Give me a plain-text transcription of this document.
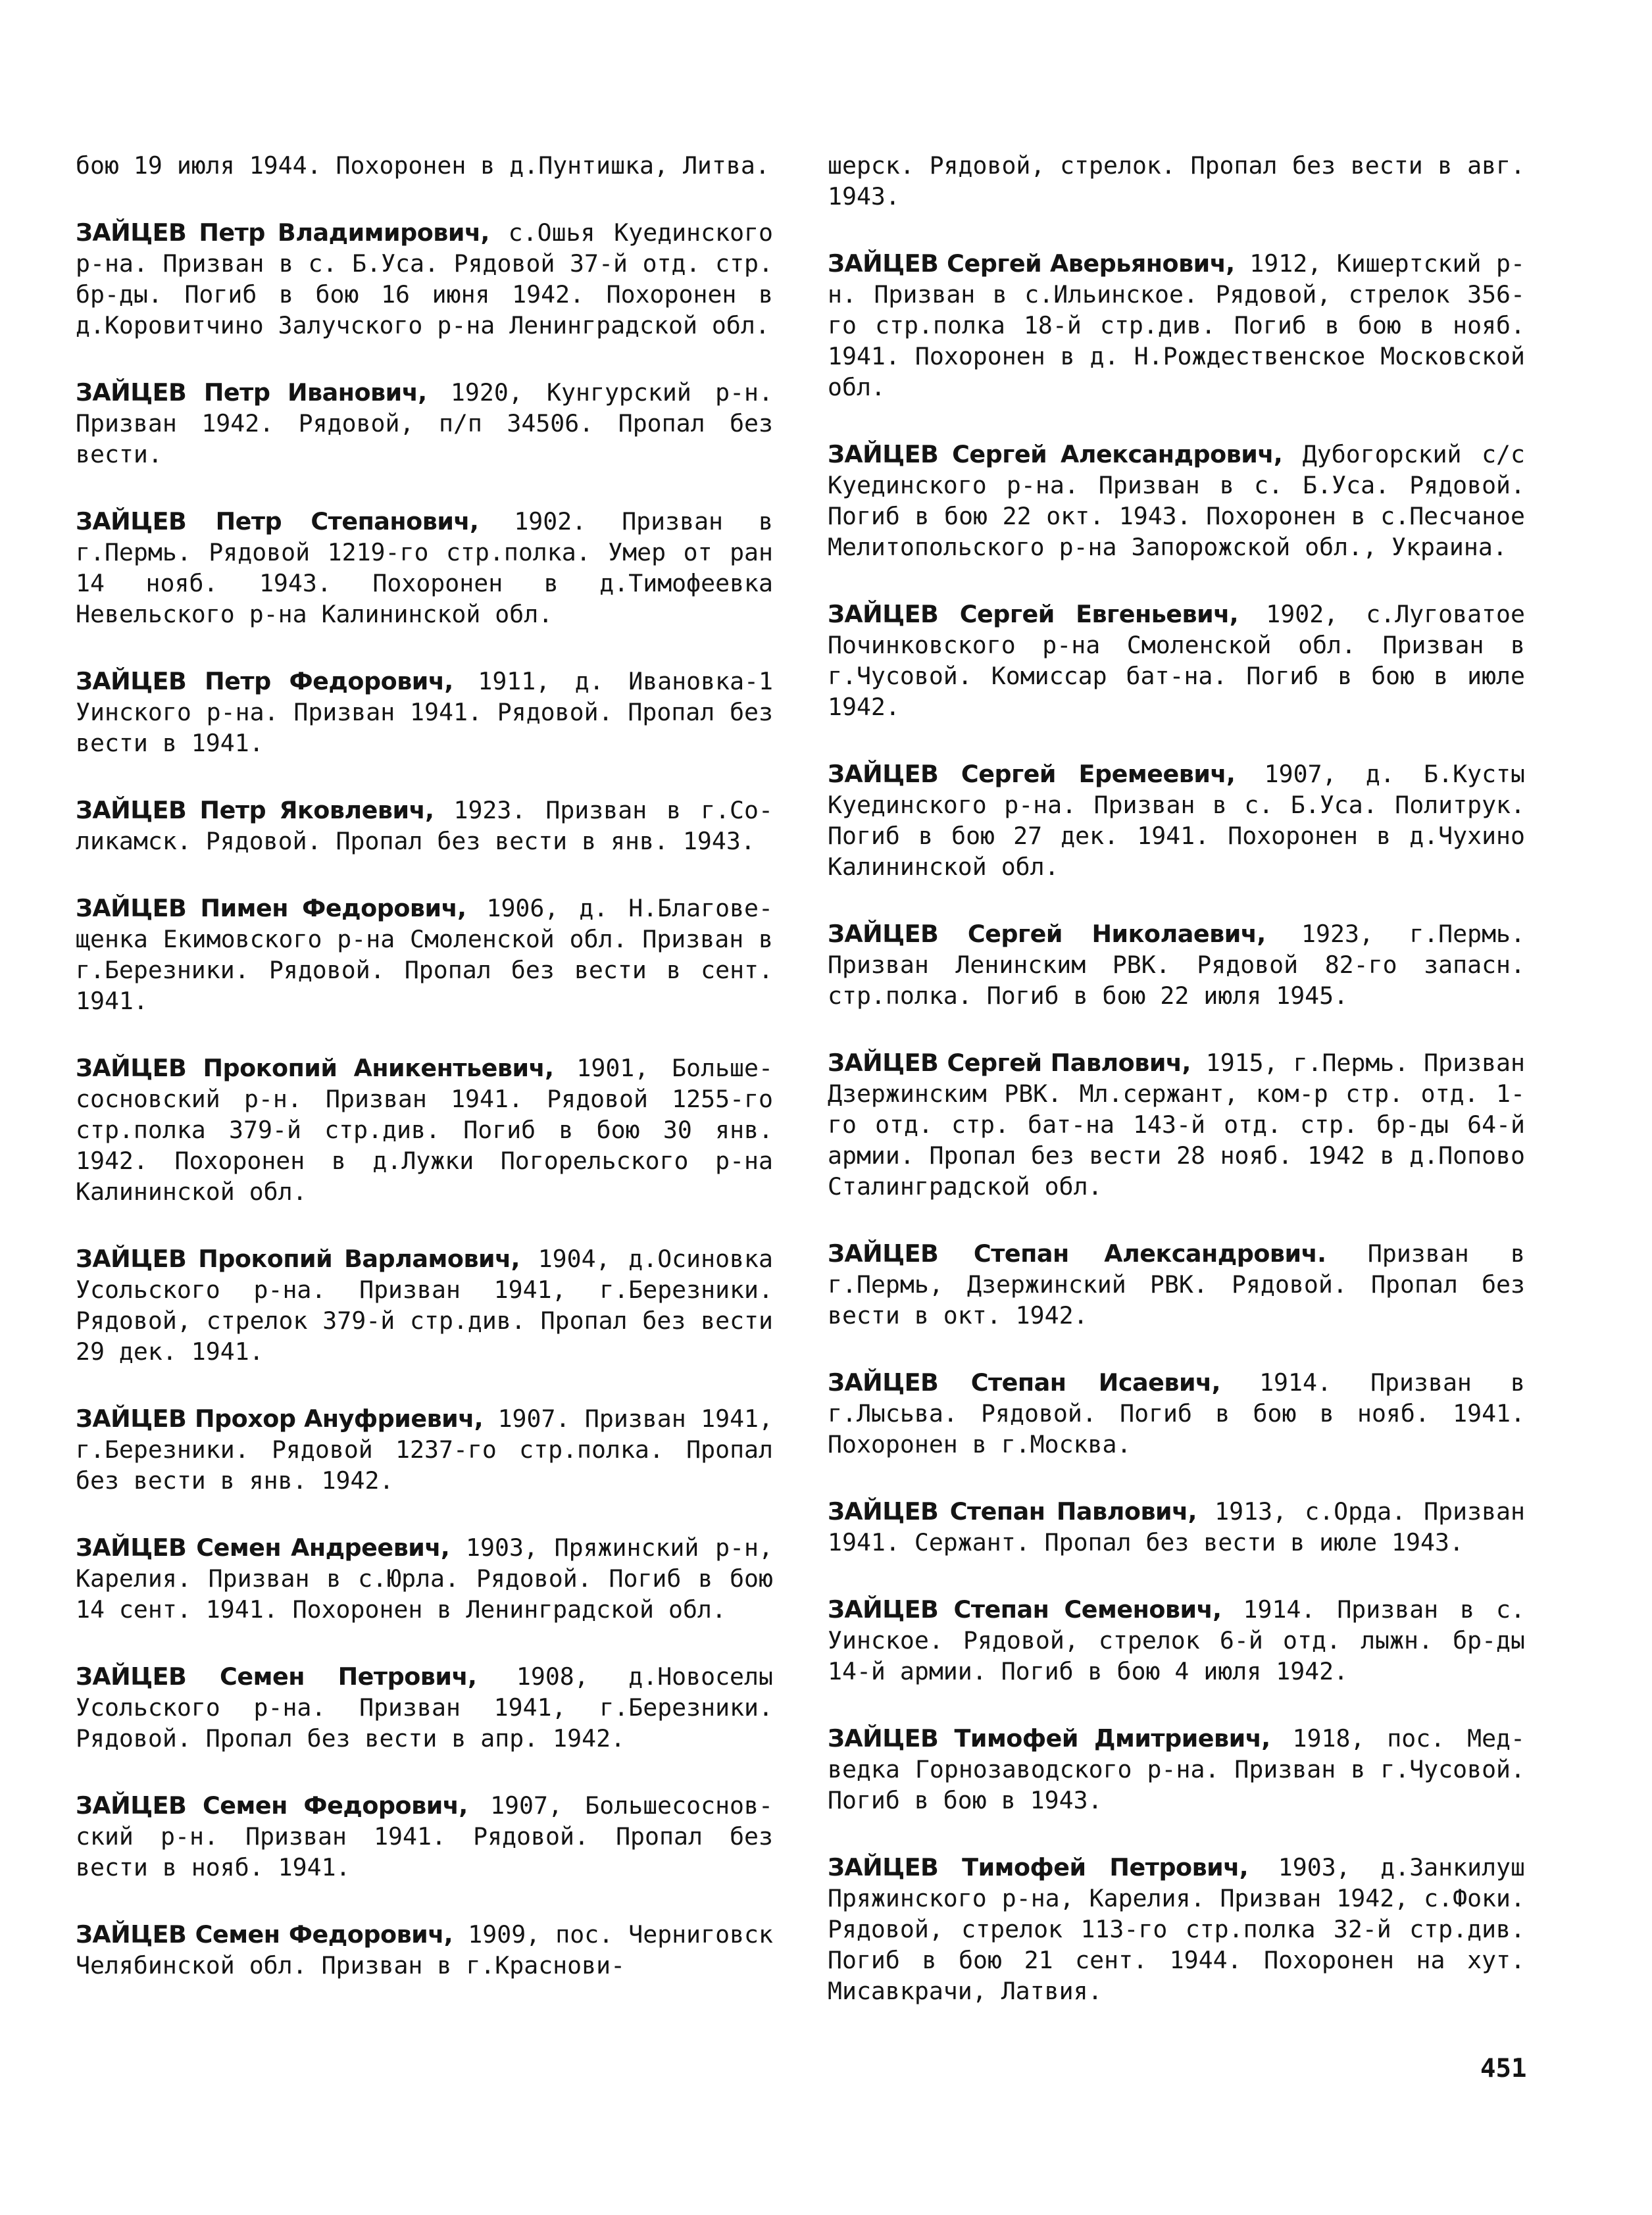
бою 19 июля 1944. Похоронен в д.Пунтишка, Литва.

ЗАЙЦЕВ Петр Владимирович, с.Ошья Куединского р-на. Призван в с. Б.Уса. Рядовой 37-й отд. стр. бр-ды. Погиб в бою 16 июня 1942. Похоронен в д.Коровитчино Залучского р-на Ленинградской обл.

ЗАЙЦЕВ Петр Иванович, 1920, Кунгурский р-н. Призван 1942. Рядовой, п/п 34506. Пропал без вести.

ЗАЙЦЕВ Петр Степанович, 1902. Призван в г.Пермь. Рядовой 1219-го стр.полка. Умер от ран 14 нояб. 1943. Похоронен в д.Тимофеевка Невельского р-на Калининской обл.

ЗАЙЦЕВ Петр Федорович, 1911, д. Ивановка-1 Уинского р-на. Призван 1941. Рядовой. Пропал без вести в 1941.

ЗАЙЦЕВ Петр Яковлевич, 1923. Призван в г.Соликамск. Рядовой. Пропал без вести в янв. 1943.

ЗАЙЦЕВ Пимен Федорович, 1906, д. Н.Благовещенка Екимовского р-на Смоленской обл. Призван в г.Березники. Рядовой. Пропал без вести в сент. 1941.

ЗАЙЦЕВ Прокопий Аникентьевич, 1901, Большесосновский р-н. Призван 1941. Рядовой 1255-го стр.полка 379-й стр.див. Погиб в бою 30 янв. 1942. Похоронен в д.Лужки Погорельского р-на Калининской обл.

ЗАЙЦЕВ Прокопий Варламович, 1904, д.Осиновка Усольского р-на. Призван 1941, г.Березники. Рядовой, стрелок 379-й стр.див. Пропал без вести 29 дек. 1941.

ЗАЙЦЕВ Прохор Ануфриевич, 1907. Призван 1941, г.Березники. Рядовой 1237-го стр.полка. Пропал без вести в янв. 1942.

ЗАЙЦЕВ Семен Андреевич, 1903, Пряжинский р-н, Карелия. Призван в с.Юрла. Рядовой. Погиб в бою 14 сент. 1941. Похоронен в Ленинградской обл.

ЗАЙЦЕВ Семен Петрович, 1908, д.Новоселы Усольского р-на. Призван 1941, г.Березники. Рядовой. Пропал без вести в апр. 1942.

ЗАЙЦЕВ Семен Федорович, 1907, Большесосновский р-н. Призван 1941. Рядовой. Пропал без вести в нояб. 1941.

ЗАЙЦЕВ Семен Федорович, 1909, пос. Черниговск Челябинской обл. Призван в г.Краснови-

шерск. Рядовой, стрелок. Пропал без вести в авг. 1943.

ЗАЙЦЕВ Сергей Аверьянович, 1912, Кишертский р-н. Призван в с.Ильинское. Рядовой, стрелок 356-го стр.полка 18-й стр.див. Погиб в бою в нояб. 1941. Похоронен в д. Н.Рождественское Московской обл.

ЗАЙЦЕВ Сергей Александрович, Дубогорский с/с Куединского р-на. Призван в с. Б.Уса. Рядовой. Погиб в бою 22 окт. 1943. Похоронен в с.Песчаное Мелитопольского р-на Запорожской обл., Украина.

ЗАЙЦЕВ Сергей Евгеньевич, 1902, с.Луговатое Починковского р-на Смоленской обл. Призван в г.Чусовой. Комиссар бат-на. Погиб в бою в июле 1942.

ЗАЙЦЕВ Сергей Еремеевич, 1907, д. Б.Кусты Куединского р-на. Призван в с. Б.Уса. Политрук. Погиб в бою 27 дек. 1941. Похоронен в д.Чухино Калининской обл.

ЗАЙЦЕВ Сергей Николаевич, 1923, г.Пермь. Призван Ленинским РВК. Рядовой 82-го запасн. стр.полка. Погиб в бою 22 июля 1945.

ЗАЙЦЕВ Сергей Павлович, 1915, г.Пермь. Призван Дзержинским РВК. Мл.сержант, ком-р стр. отд. 1-го отд. стр. бат-на 143-й отд. стр. бр-ды 64-й армии. Пропал без вести 28 нояб. 1942 в д.Попово Сталинградской обл.

ЗАЙЦЕВ Степан Александрович. Призван в г.Пермь, Дзержинский РВК. Рядовой. Пропал без вести в окт. 1942.

ЗАЙЦЕВ Степан Исаевич, 1914. Призван в г.Лысьва. Рядовой. Погиб в бою в нояб. 1941. Похоронен в г.Москва.

ЗАЙЦЕВ Степан Павлович, 1913, с.Орда. Призван 1941. Сержант. Пропал без вести в июле 1943.

ЗАЙЦЕВ Степан Семенович, 1914. Призван в с. Уинское. Рядовой, стрелок 6-й отд. лыжн. бр-ды 14-й армии. Погиб в бою 4 июля 1942.

ЗАЙЦЕВ Тимофей Дмитриевич, 1918, пос. Медведка Горнозаводского р-на. Призван в г.Чусовой. Погиб в бою в 1943.

ЗАЙЦЕВ Тимофей Петрович, 1903, д.Занкилуш Пряжинского р-на, Карелия. Призван 1942, с.Фоки. Рядовой, стрелок 113-го стр.полка 32-й стр.див. Погиб в бою 21 сент. 1944. Похоронен на хут. Мисавкрачи, Латвия.

451
